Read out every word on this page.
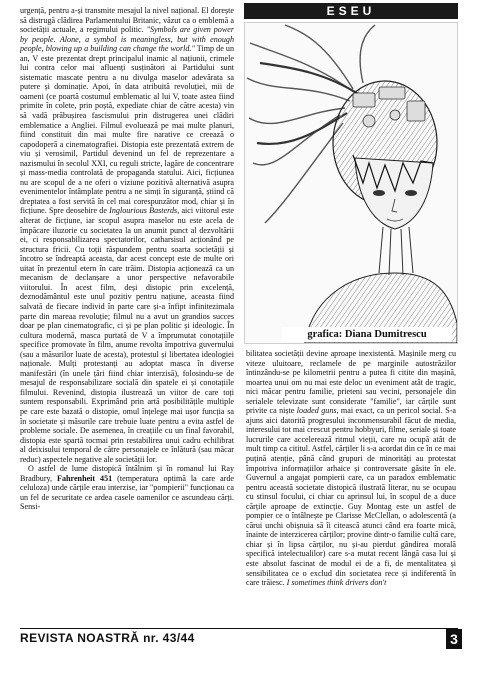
urgență, pentru a-și transmite mesajul la nivel național. El dorește să distrugă clădirea Parlamentului Britanic, văzut ca o emblemă a societății actuale, a regimului politic. "Symbols are given power by people. Alone, a symbol is meaningless, but with enough people, blowing up a building can change the world." Timp de un an, V este prezentat drept principalul inamic al națiunii, crimele lui contra celor mai afluenți susținători ai Partidului sunt sistematic mascate pentru a nu divulga maselor adevărata sa putere și dominație. Apoi, în data atribuită revoluției, mii de oameni (ce poartă costumul emblematic al lui V, toate astea fiind primite în colete, prin poștă, expediate chiar de către acesta) vin să vadă prăbușirea fascismului prin distrugerea unei clădiri emblematice a Angliei. Filmul evoluează pe mai multe planuri, fiind constituit din mai multe fire narative ce creează o capodoperă a cinematografiei. Distopia este prezentată extrem de viu și verosimil, Partidul devenind un fel de reprezentare a nazismului în secolul XXI, cu reguli stricte, lagăre de concentrare și mass-media controlată de propaganda statului. Aici, ficțiunea nu are scopul de a ne oferi o viziune pozitivă alternativă asupra evenimentelor întâmplate pentru a ne simți în siguranță, știind că dreptatea a fost servită în cel mai corespunzător mod, chiar și în ficțiune. Spre deosebire de Inglourious Basterds, aici viitorul este alterat de ficțiune, iar scopul asupra maselor nu este acela de împăcare iluzorie cu societatea la un anumit punct al dezvoltării ei, ci responsabilizarea spectatorilor, catharsisul acționând pe structura fricii. Cu toții răspundem pentru soarta societății și încotro se îndreaptă aceasta, dar acest concept este de multe ori uitat în prezentul etern în care trăim. Distopia acționează ca un mecanism de declanșare a unor perspective nefavorabile viitorului. În acest film, deși distopic prin excelență, deznodământul este unul pozitiv pentru națiune, aceasta fiind salvată de fiecare individ în parte care și-a înfipt infinitezimala parte din mareaa revoluție; filmul nu a avut un grandios succes doar pe plan cinematografic, ci și pe plan politic și ideologic. În cultura modernă, masca purtată de V a împrumutat conotațiile specifice promovate în film, anume revolta împotriva guvernului (sau a măsurilor luate de acesta), protestul și libertatea ideologiei naționale. Mulți protestanți au adoptat masca în diverse manifestări (în unele țări fiind chiar interzisă), folosindu-se de mesajul de responsabilizare socială din spatele ei și conotațiile filmului. Revenind, distopia ilustrează un viitor de care toți suntem responsabili. Exprimând prin artă posibilitățile multiple pe care este bazată o distopie, omul înțelege mai ușor funcția sa în societate și măsurile care trebuie luate pentru a evita astfel de probleme sociale. De asemenea, în creațiile cu un final favorabil, distopia este spartă tocmai prin restabilirea unui cadru echilibrat al deixisului temporal de către personajele ce înlătură (sau măcar reduc) aspectele negative ale societății lor.

O astfel de lume distopică întâlnim și în romanul lui Ray Bradbury, Fahrenheit 451 (temperatura optimă la care arde celuloza) unde cărțile erau interzise, iar "pompierii" funcționau ca un fel de securitate ce ardea casele oamenilor ce ascundeau cărți. Sensi-

ESEU
grafica: Diana Dumitrescu

bilitatea societății devine aproape inexistentă. Mașinile merg cu viteze uluitoare, reclamele de pe marginile autostrăzilor întinzându-se pe kilometrii pentru a putea fi citite din mașină, moartea unui om nu mai este deloc un eveniment atât de tragic, nici măcar pentru familie, prieteni sau vecini, personajele din serialele televizate sunt considerate "familie", iar cărțile sunt privite ca niște loaded guns, mai exact, ca un pericol social. S-a ajuns aici datorită progresului inconmensurabil făcut de media, interesului tot mai crescut pentru hobbyuri, filme, seriale și toate lucrurile care accelerează ritmul vieții, care nu ocupă atât de mult timp ca cititul. Astfel, cărțiler li s-a acordat din ce în ce mai puțină atenție, până când grupuri de minorități au protestat împotriva informațiilor arhaice și controversate găsite în ele. Guvernul a angajat pompierii care, ca un paradox emblematic pentru această societate distopică ilustrată literar, nu se ocupau cu stinsul focului, ci chiar cu aprinsul lui, în scopul de a duce cărțile aproape de extincție. Guy Montag este un astfel de pompier ce o întâlnește pe Clarisse McClellan, o adolescentă (a cărui unchi obișnuia să îi citească atunci când era foarte mică, înainte de interzicerea cărților; provine dintr-o familie cultă care, chiar și în lipsa cărților, nu și-au pierdut gândirea morală specifică intelectualilor) care s-a mutat recent lângă casa lui și este absolut fascinat de modul ei de a fi, de mentalitatea și sensibilitatea ce o exclud din societatea rece și indiferentă în care trăiesc. I sometimes think drivers don't

REVISTA NOASTRĂ nr. 43/44	3
